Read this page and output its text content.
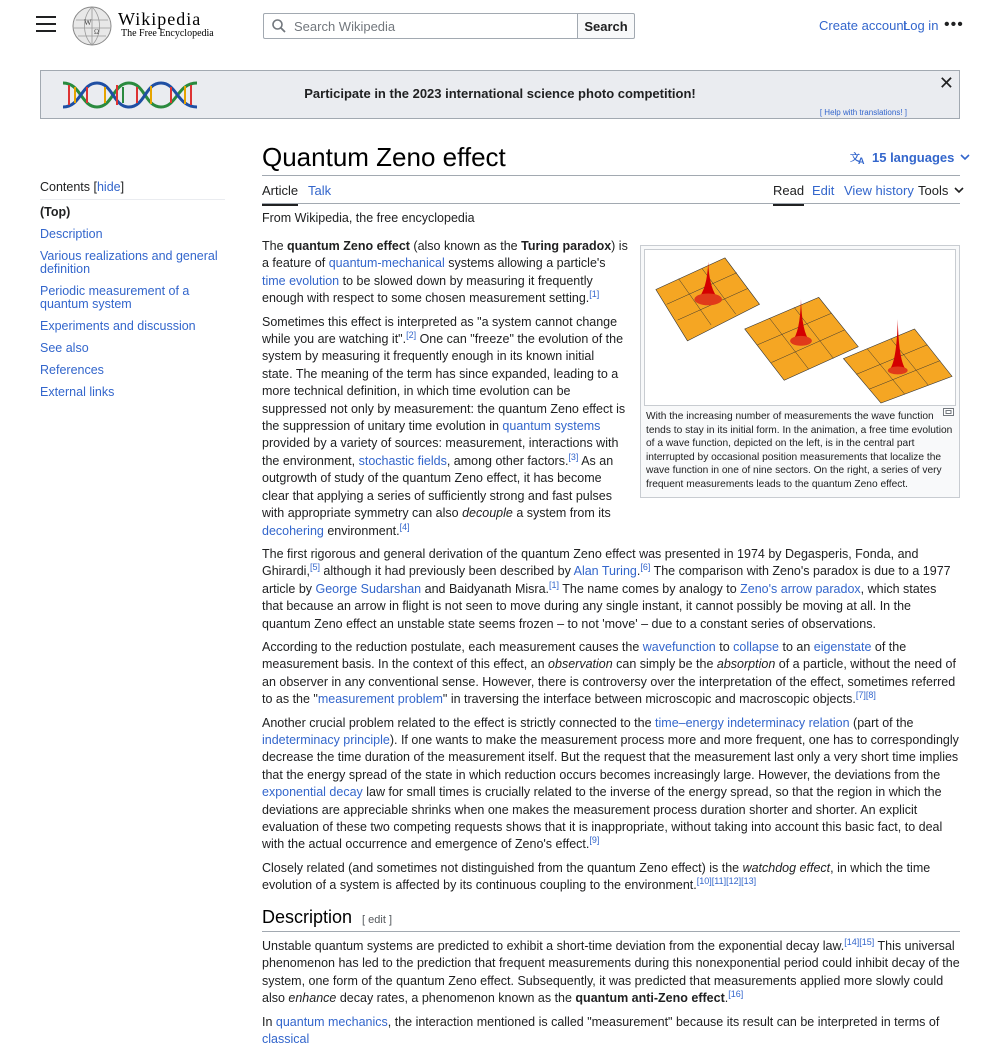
W
Ω
Wikipedia
The Free Encyclopedia
Search Wikipedia	Search	Create account
Log in •••
Participate in the 2023 international science photo competition!
✕
[ Help with translations! ]
Quantum Zeno effect	文
A 15 languages
Article Talk	Read Edit View history Tools
From Wikipedia, the free encyclopedia
Contents [hide]
(Top)
Description
Various realizations and general definition
Periodic measurement of a quantum system
Experiments and discussion
See also
References
External links
With the increasing number of measurements the wave function tends to stay in its initial form. In the animation, a free time evolution of a wave function, depicted on the left, is in the central part interrupted by occasional position measurements that localize the wave function in one of nine sectors. On the right, a series of very frequent measurements leads to the quantum Zeno effect.

The quantum Zeno effect (also known as the Turing paradox) is a feature of quantum-mechanical systems allowing a particle's time evolution to be slowed down by measuring it frequently enough with respect to some chosen measurement setting.[1]

Sometimes this effect is interpreted as "a system cannot change while you are watching it".[2] One can "freeze" the evolution of the system by measuring it frequently enough in its known initial state. The meaning of the term has since expanded, leading to a more technical definition, in which time evolution can be suppressed not only by measurement: the quantum Zeno effect is the suppression of unitary time evolution in quantum systems provided by a variety of sources: measurement, interactions with the environment, stochastic fields, among other factors.[3] As an outgrowth of study of the quantum Zeno effect, it has become clear that applying a series of sufficiently strong and fast pulses with appropriate symmetry can also decouple a system from its decohering environment.[4]

The first rigorous and general derivation of the quantum Zeno effect was presented in 1974 by Degasperis, Fonda, and Ghirardi,[5] although it had previously been described by Alan Turing.[6] The comparison with Zeno's paradox is due to a 1977 article by George Sudarshan and Baidyanath Misra.[1] The name comes by analogy to Zeno's arrow paradox, which states that because an arrow in flight is not seen to move during any single instant, it cannot possibly be moving at all. In the quantum Zeno effect an unstable state seems frozen – to not 'move' – due to a constant series of observations.

According to the reduction postulate, each measurement causes the wavefunction to collapse to an eigenstate of the measurement basis. In the context of this effect, an observation can simply be the absorption of a particle, without the need of an observer in any conventional sense. However, there is controversy over the interpretation of the effect, sometimes referred to as the "measurement problem" in traversing the interface between microscopic and macroscopic objects.[7][8]

Another crucial problem related to the effect is strictly connected to the time–energy indeterminacy relation (part of the indeterminacy principle). If one wants to make the measurement process more and more frequent, one has to correspondingly decrease the time duration of the measurement itself. But the request that the measurement last only a very short time implies that the energy spread of the state in which reduction occurs becomes increasingly large. However, the deviations from the exponential decay law for small times is crucially related to the inverse of the energy spread, so that the region in which the deviations are appreciable shrinks when one makes the measurement process duration shorter and shorter. An explicit evaluation of these two competing requests shows that it is inappropriate, without taking into account this basic fact, to deal with the actual occurrence and emergence of Zeno's effect.[9]

Closely related (and sometimes not distinguished from the quantum Zeno effect) is the watchdog effect, in which the time evolution of a system is affected by its continuous coupling to the environment.[10][11][12][13]

Description [ edit ]

Unstable quantum systems are predicted to exhibit a short-time deviation from the exponential decay law.[14][15] This universal phenomenon has led to the prediction that frequent measurements during this nonexponential period could inhibit decay of the system, one form of the quantum Zeno effect. Subsequently, it was predicted that measurements applied more slowly could also enhance decay rates, a phenomenon known as the quantum anti-Zeno effect.[16]

In quantum mechanics, the interaction mentioned is called "measurement" because its result can be interpreted in terms of classical
